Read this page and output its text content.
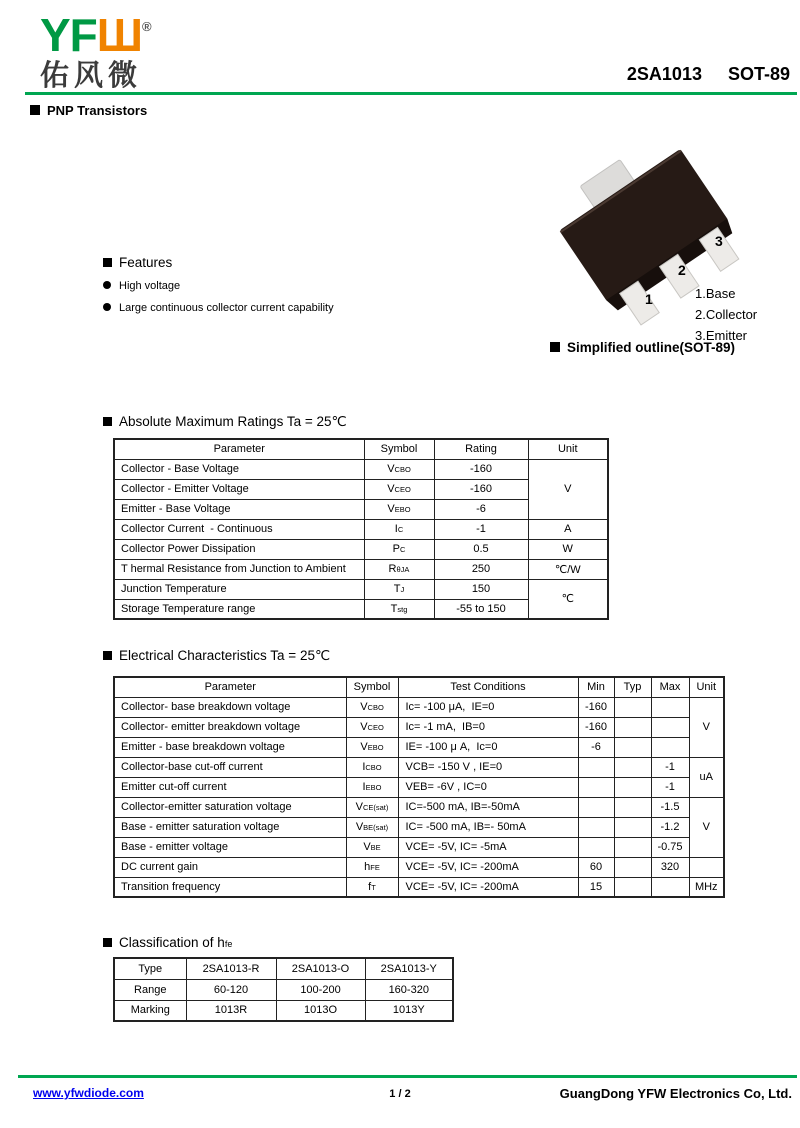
YFШ®
佑风微	2SA1013 SOT-89
PNP Transistors
Features
High voltage
Large continuous collector current capability
1
2
3
1.Base
2.Collector
3.Emitter
Simplified outline(SOT-89)
Absolute Maximum Ratings Ta = 25℃
Parameter	Symbol	Rating	Unit
Collector - Base Voltage	VCBO	-160	V
Collector - Emitter Voltage	VCEO	-160	
Emitter - Base Voltage	VEBO	-6	
Collector Current  - Continuous	IC	-1	A
Collector Power Dissipation	PC	0.5	W
T hermal Resistance from Junction to Ambient	RθJA	250	℃/W
Junction Temperature	TJ	150	℃
Storage Temperature range	Tstg	-55 to 150	
Electrical Characteristics Ta = 25℃
Parameter	Symbol	Test Conditions	Min	Typ	Max	Unit
Collector- base breakdown voltage	VCBO	Ic= -100 μA,  IE=0	-160			V
Collector- emitter breakdown voltage	VCEO	Ic= -1 mA,  IB=0	-160			
Emitter - base breakdown voltage	VEBO	IE= -100 μ A,  Ic=0	-6			
Collector-base cut-off current	ICBO	VCB= -150 V , IE=0			-1	uA
Emitter cut-off current	IEBO	VEB= -6V , IC=0			-1	
Collector-emitter saturation voltage	VCE(sat)	IC=-500 mA, IB=-50mA			-1.5	V
Base - emitter saturation voltage	VBE(sat)	IC= -500 mA, IB=- 50mA			-1.2	
Base - emitter voltage	VBE	VCE= -5V, IC= -5mA			-0.75	
DC current gain	hFE	VCE= -5V, IC= -200mA	60		320	
Transition frequency	fT	VCE= -5V, IC= -200mA	15			MHz
Classification of hfe
Type	2SA1013-R	2SA1013-O	2SA1013-Y
Range	60-120	100-200	160-320
Marking	1013R	1013O	1013Y
www.yfwdiode.com	1 / 2	GuangDong YFW Electronics Co, Ltd.
